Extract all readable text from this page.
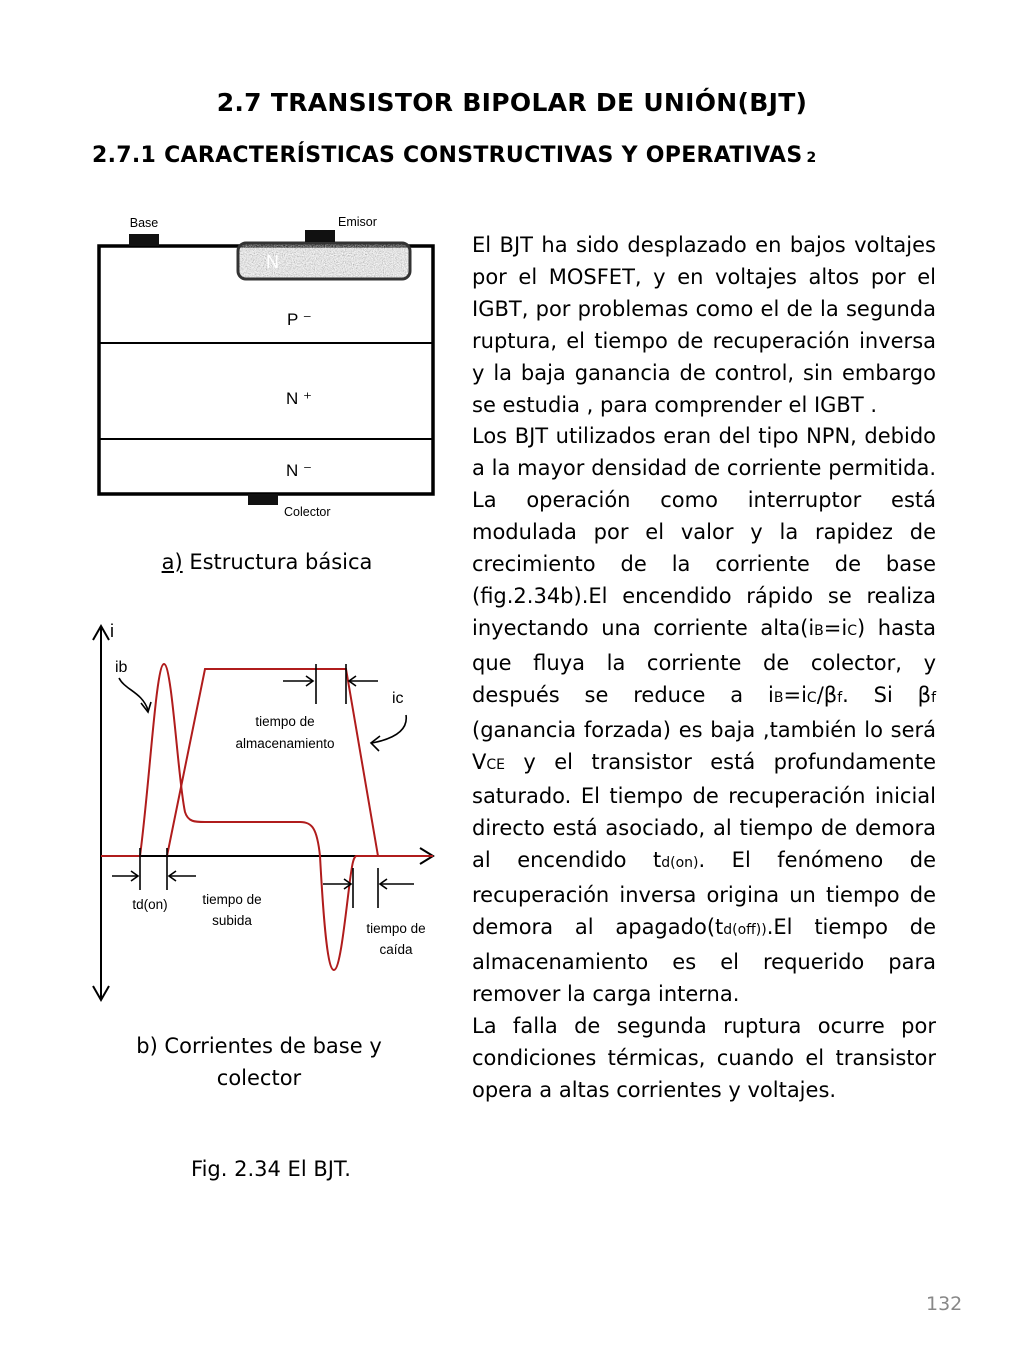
2.7 TRANSISTOR BIPOLAR DE UNIÓN(BJT)
2.7.1 CARACTERÍSTICAS CONSTRUCTIVAS Y OPERATIVAS 2
Base	Emisor
N
P ⁻
N ⁺
N ⁻
Colector
i
ib
ic
tiempo de
almacenamiento
td(on)	tiempo de
subida
tiempo de
caída
a) Estructura básica
b) Corrientes de base y
colector
Fig. 2.34 El BJT.

El BJT ha sido desplazado en bajos voltajes por el MOSFET, y en voltajes altos por el IGBT, por problemas como el de la segunda ruptura, el tiempo de recuperación inversa y la baja ganancia de control, sin embargo se estudia , para comprender el IGBT .

Los BJT utilizados eran del tipo NPN, debido a la mayor densidad de corriente permitida. La operación como interruptor está modulada por el valor y la rapidez de crecimiento de la corriente de base (fig.2.34b).El encendido rápido se realiza inyectando una corriente alta(iB=iC) hasta que fluya la corriente de colector, y después se reduce a iB=iC/βf. Si βf (ganancia forzada) es baja ,también lo será VCE y el transistor está profundamente saturado. El tiempo de recuperación inicial directo está asociado, al tiempo de demora al encendido td(on). El fenómeno de recuperación inversa origina un tiempo de demora al apagado(td(off)).El tiempo de almacenamiento es el requerido para remover la carga interna.

La falla de segunda ruptura ocurre por condiciones térmicas, cuando el transistor opera a altas corrientes y voltajes.

132
